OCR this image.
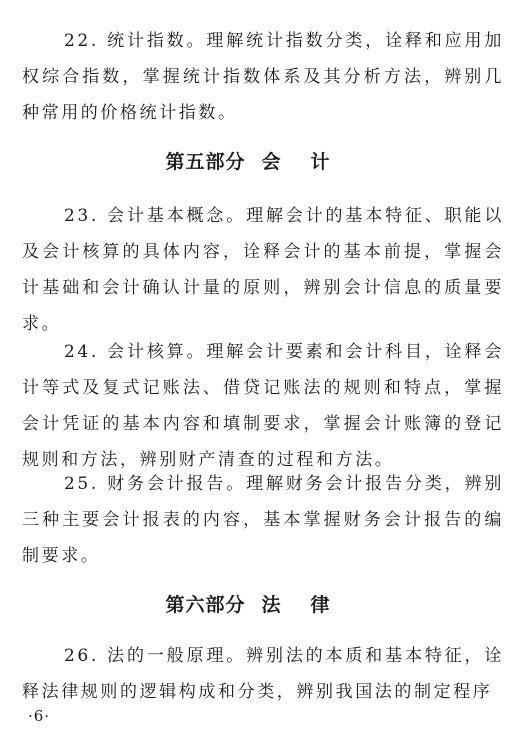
22. 统计指数。理解统计指数分类，诠释和应用加权综合指数，掌握统计指数体系及其分析方法，辨别几种常用的价格统计指数。

第五部分 会计

23. 会计基本概念。理解会计的基本特征、职能以及会计核算的具体内容，诠释会计的基本前提，掌握会计基础和会计确认计量的原则，辨别会计信息的质量要求。

24. 会计核算。理解会计要素和会计科目，诠释会计等式及复式记账法、借贷记账法的规则和特点，掌握会计凭证的基本内容和填制要求，掌握会计账簿的登记规则和方法，辨别财产清查的过程和方法。

25. 财务会计报告。理解财务会计报告分类，辨别三种主要会计报表的内容，基本掌握财务会计报告的编制要求。

第六部分 法律

26. 法的一般原理。辨别法的本质和基本特征，诠释法律规则的逻辑构成和分类，辨别我国法的制定程序

·6·
